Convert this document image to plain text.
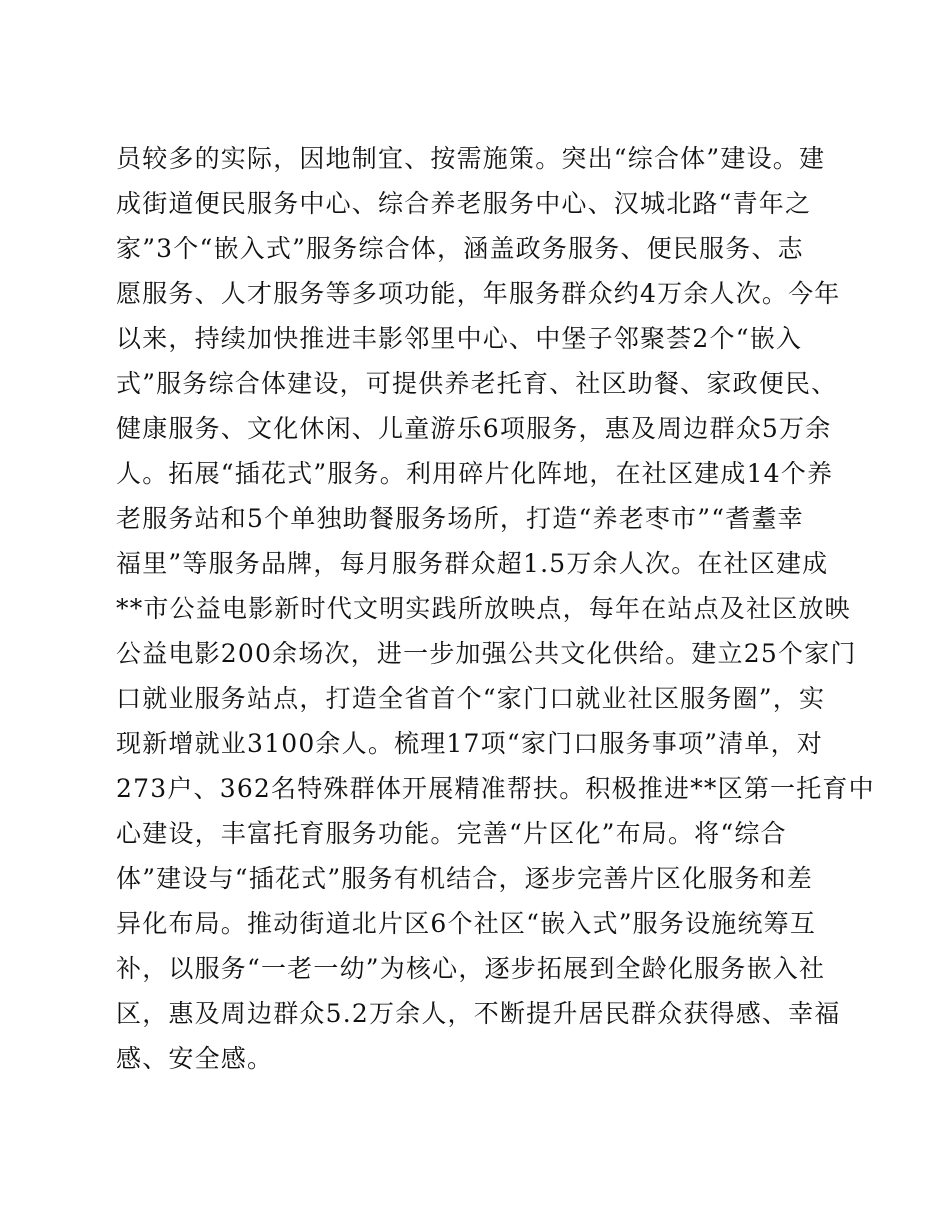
员较多的实际，因地制宜、按需施策。突出“综合体”建设。建
成街道便民服务中心、综合养老服务中心、汉城北路“青年之
家”3个“嵌入式”服务综合体，涵盖政务服务、便民服务、志
愿服务、人才服务等多项功能，年服务群众约4万余人次。今年
以来，持续加快推进丰影邻里中心、中堡子邻聚荟2个“嵌入
式”服务综合体建设，可提供养老托育、社区助餐、家政便民、
健康服务、文化休闲、儿童游乐6项服务，惠及周边群众5万余
人。拓展“插花式”服务。利用碎片化阵地，在社区建成14个养
老服务站和5个单独助餐服务场所，打造“养老枣市”“耆耋幸
福里”等服务品牌，每月服务群众超1.5万余人次。在社区建成
**市公益电影新时代文明实践所放映点，每年在站点及社区放映
公益电影200余场次，进一步加强公共文化供给。建立25个家门
口就业服务站点，打造全省首个“家门口就业社区服务圈”，实
现新增就业3100余人。梳理17项“家门口服务事项”清单，对
273户、362名特殊群体开展精准帮扶。积极推进**区第一托育中
心建设，丰富托育服务功能。完善“片区化”布局。将“综合
体”建设与“插花式”服务有机结合，逐步完善片区化服务和差
异化布局。推动街道北片区6个社区“嵌入式”服务设施统筹互
补，以服务“一老一幼”为核心，逐步拓展到全龄化服务嵌入社
区，惠及周边群众5.2万余人，不断提升居民群众获得感、幸福
感、安全感。
